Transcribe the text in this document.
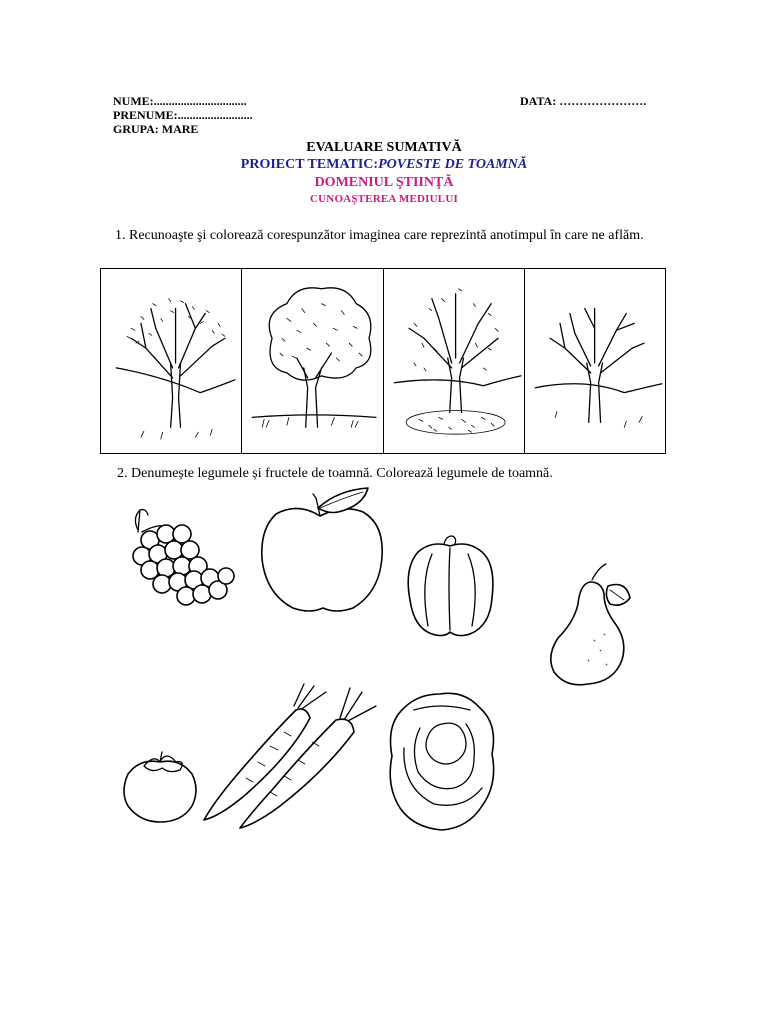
NUME:...............................	DATA: ………………….
PRENUME:.........................
GRUPA: MARE
EVALUARE SUMATIVĂ
PROIECT TEMATIC:POVESTE DE TOAMNĂ
DOMENIUL ŞTIINŢĂ
CUNOAŞTEREA MEDIULUI
1. Recunoaşte şi colorează corespunzător imaginea care reprezintă anotimpul în care ne aflăm.
2. Denumește legumele și fructele de toamnă. Colorează legumele de toamnă.
